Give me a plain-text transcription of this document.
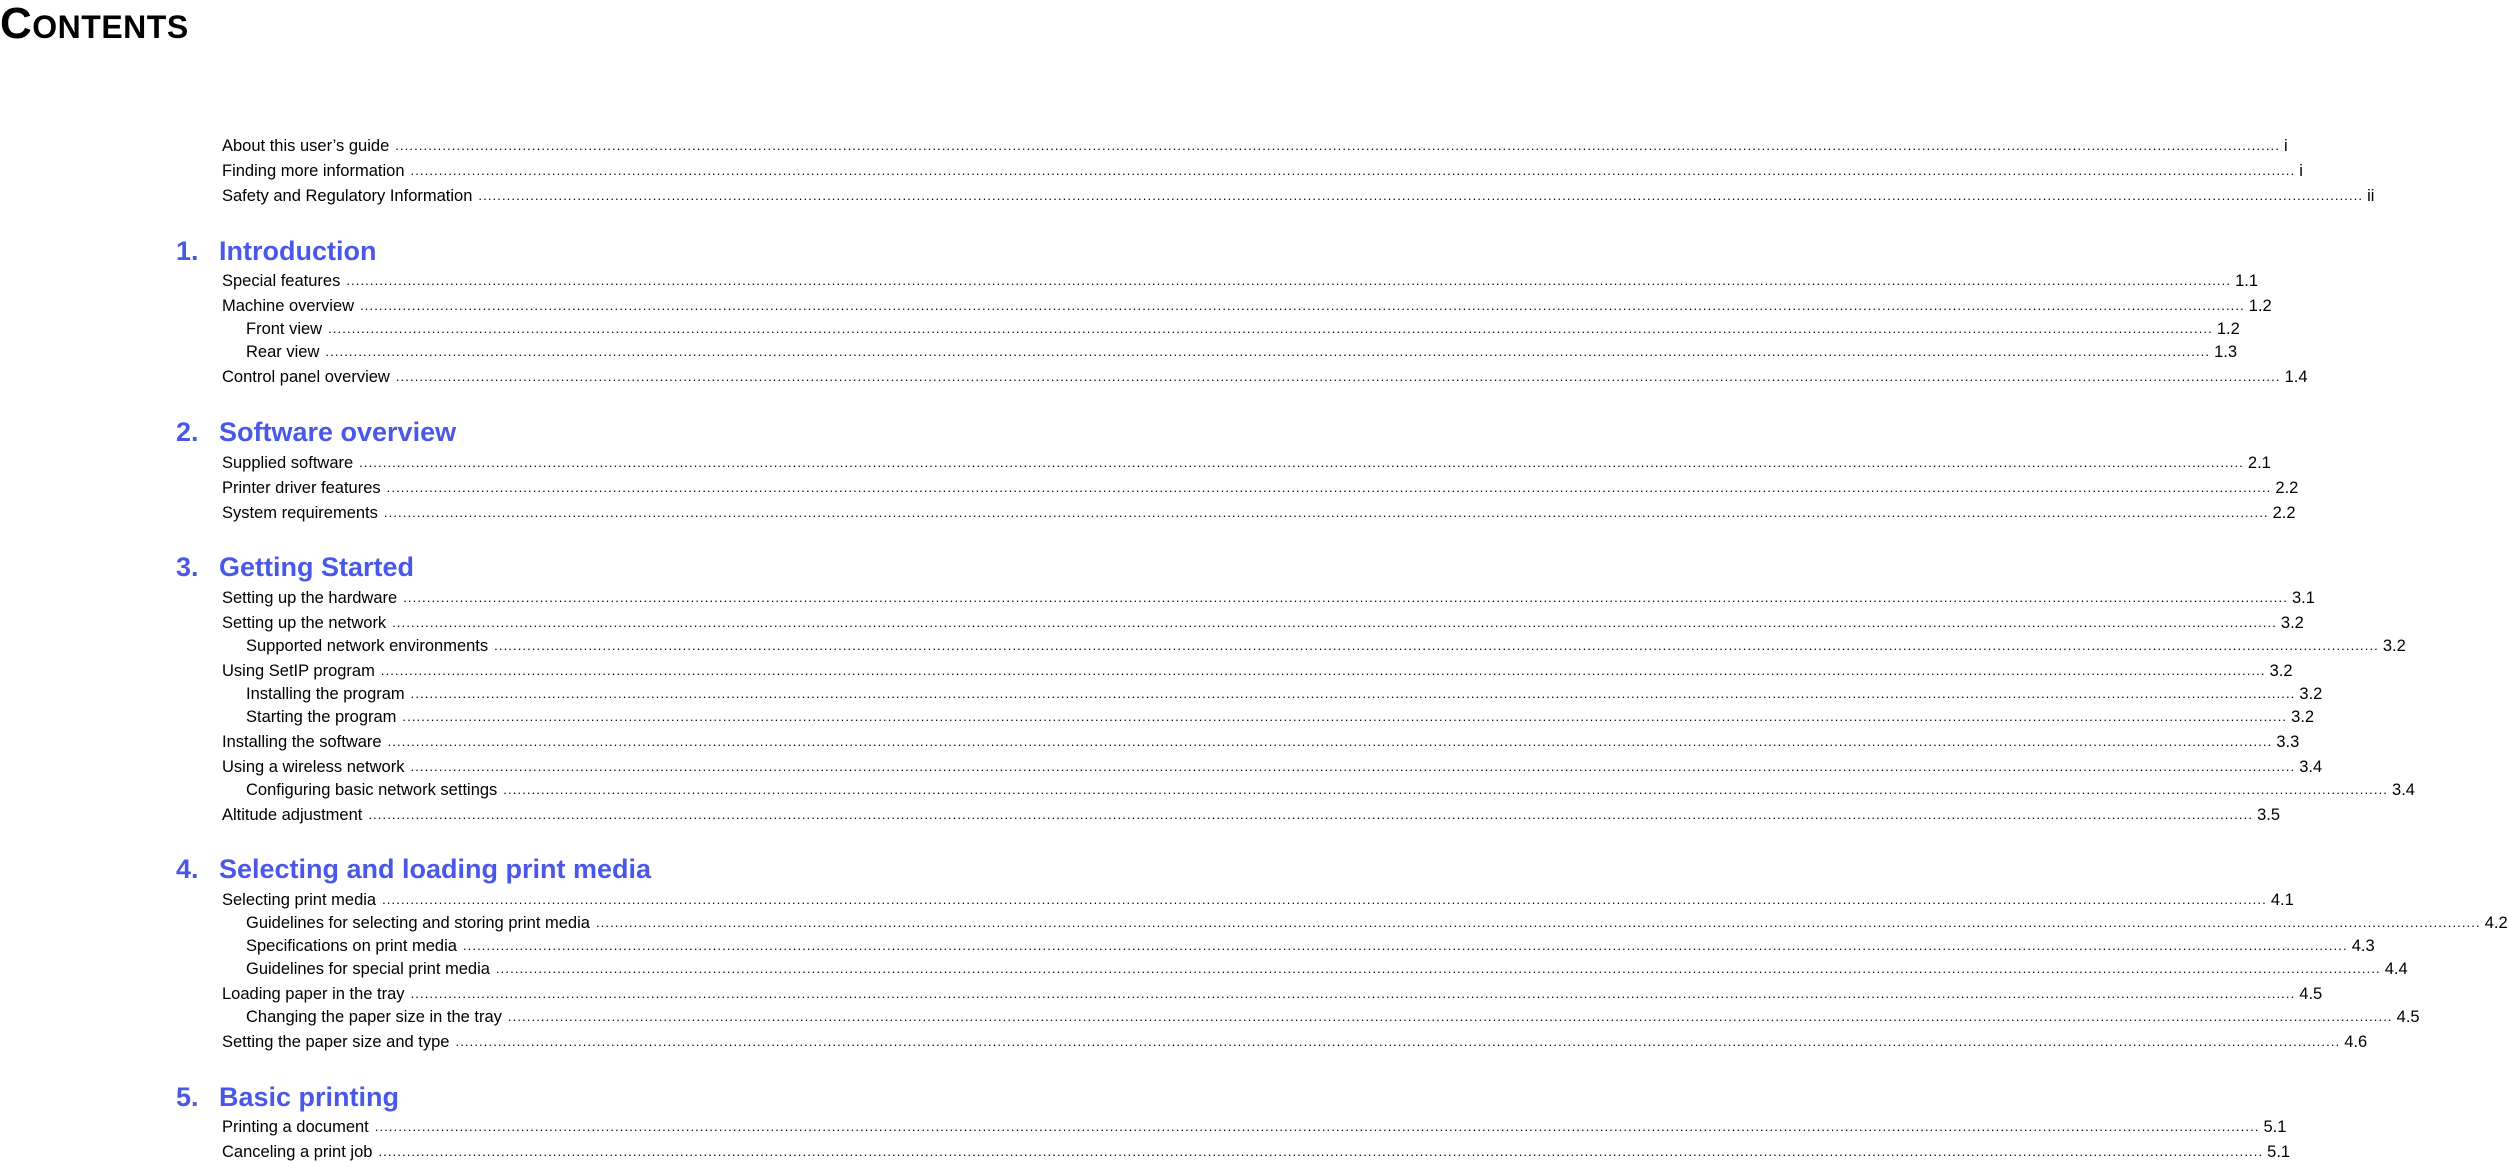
CONTENTS
About this user’s guide ................................................................................................................................................................................................................................................................................................................................................................................................................ i
Finding more information ................................................................................................................................................................................................................................................................................................................................................................................................................ i
Safety and Regulatory Information ................................................................................................................................................................................................................................................................................................................................................................................................................ ii
1. Introduction
Special features ................................................................................................................................................................................................................................................................................................................................................................................................................ 1.1
Machine overview ................................................................................................................................................................................................................................................................................................................................................................................................................ 1.2
Front view ................................................................................................................................................................................................................................................................................................................................................................................................................ 1.2
Rear view ................................................................................................................................................................................................................................................................................................................................................................................................................ 1.3
Control panel overview ................................................................................................................................................................................................................................................................................................................................................................................................................ 1.4
2. Software overview
Supplied software ................................................................................................................................................................................................................................................................................................................................................................................................................ 2.1
Printer driver features ................................................................................................................................................................................................................................................................................................................................................................................................................ 2.2
System requirements ................................................................................................................................................................................................................................................................................................................................................................................................................ 2.2
3. Getting Started
Setting up the hardware ................................................................................................................................................................................................................................................................................................................................................................................................................ 3.1
Setting up the network ................................................................................................................................................................................................................................................................................................................................................................................................................ 3.2
Supported network environments ................................................................................................................................................................................................................................................................................................................................................................................................................ 3.2
Using SetIP program ................................................................................................................................................................................................................................................................................................................................................................................................................ 3.2
Installing the program ................................................................................................................................................................................................................................................................................................................................................................................................................ 3.2
Starting the program ................................................................................................................................................................................................................................................................................................................................................................................................................ 3.2
Installing the software ................................................................................................................................................................................................................................................................................................................................................................................................................ 3.3
Using a wireless network ................................................................................................................................................................................................................................................................................................................................................................................................................ 3.4
Configuring basic network settings ................................................................................................................................................................................................................................................................................................................................................................................................................ 3.4
Altitude adjustment ................................................................................................................................................................................................................................................................................................................................................................................................................ 3.5
4. Selecting and loading print media
Selecting print media ................................................................................................................................................................................................................................................................................................................................................................................................................ 4.1
Guidelines for selecting and storing print media ................................................................................................................................................................................................................................................................................................................................................................................................................ 4.2
Specifications on print media ................................................................................................................................................................................................................................................................................................................................................................................................................ 4.3
Guidelines for special print media ................................................................................................................................................................................................................................................................................................................................................................................................................ 4.4
Loading paper in the tray ................................................................................................................................................................................................................................................................................................................................................................................................................ 4.5
Changing the paper size in the tray ................................................................................................................................................................................................................................................................................................................................................................................................................ 4.5
Setting the paper size and type ................................................................................................................................................................................................................................................................................................................................................................................................................ 4.6
5. Basic printing
Printing a document ................................................................................................................................................................................................................................................................................................................................................................................................................ 5.1
Canceling a print job ................................................................................................................................................................................................................................................................................................................................................................................................................ 5.1
